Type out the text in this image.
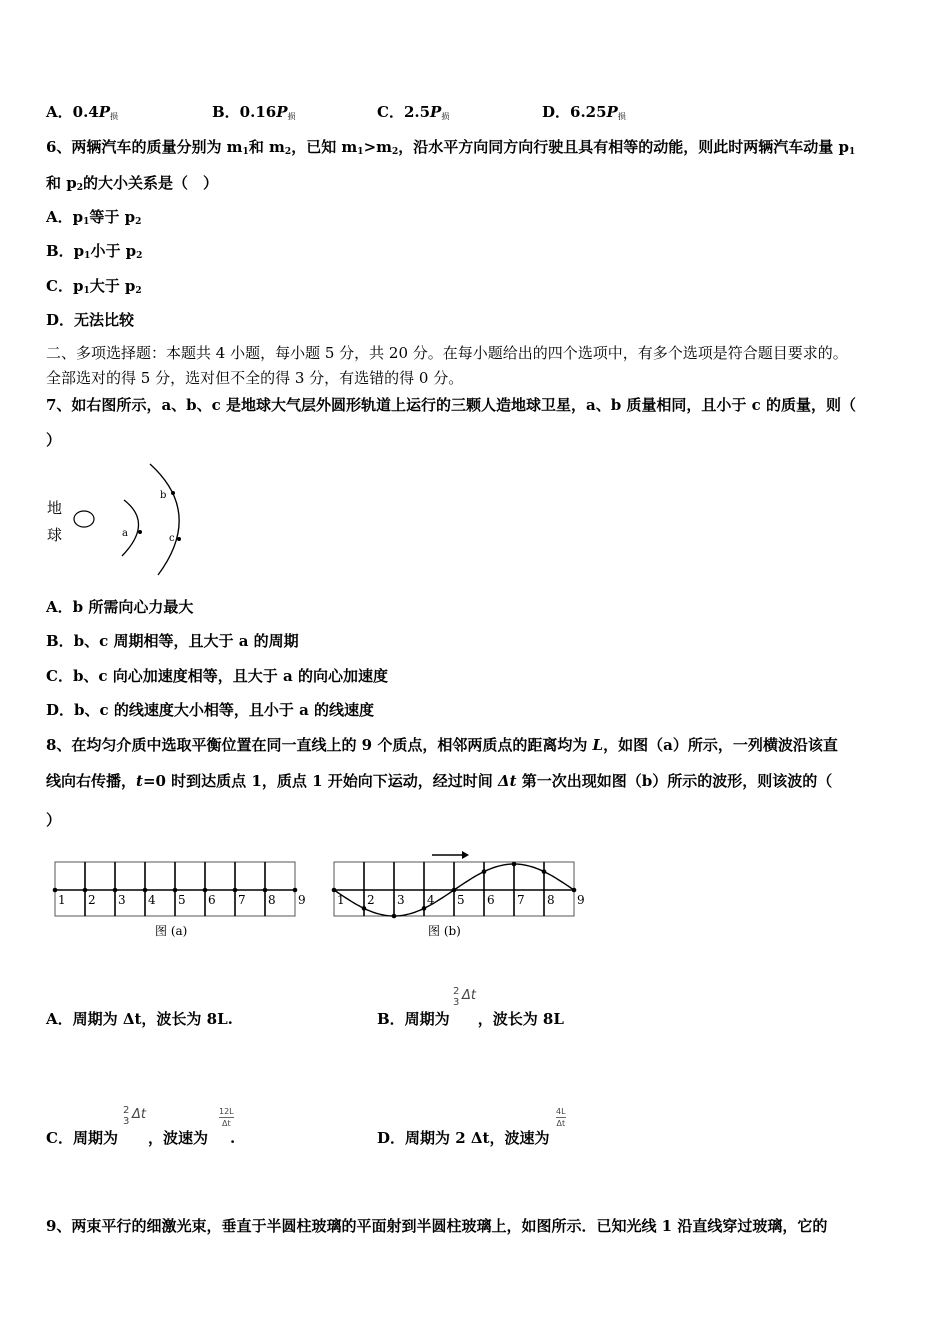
A．0.4P损	B．0.16P损	C．2.5P损	D．6.25P损
6、两辆汽车的质量分别为 $m_1$和 $m_2$，已知 $m_1>m_2$，沿水平方向同方向行驶且具有相等的动能，则此时两辆汽车动量 $p_1$
和 $p_2$的大小关系是（　）
A．$p_1$等于 $p_2$
B．$p_1$小于 $p_2$
C．$p_1$大于 $p_2$
D．无法比较
二、多项选择题：本题共 4 小题，每小题 5 分，共 20 分。在每小题给出的四个选项中，有多个选项是符合题目要求的。
全部选对的得 5 分，选对但不全的得 3 分，有选错的得 0 分。
7、如右图所示，a、b、c 是地球大气层外圆形轨道上运行的三颗人造地球卫星，a、b 质量相同，且小于 c 的质量，则（
）
地
球	a
b
c
A．b 所需向心力最大
B．b、c 周期相等，且大于 a 的周期
C．b、c 向心加速度相等，且大于 a 的向心加速度
D．b、c 的线速度大小相等，且小于 a 的线速度
8、在均匀介质中选取平衡位置在同一直线上的 9 个质点，相邻两质点的距离均为 L，如图（a）所示，一列横波沿该直
线向右传播，t=0 时到达质点 1，质点 1 开始向下运动，经过时间 Δt 第一次出现如图（b）所示的波形，则该波的（
）
1 2 3 4 5 6 7 8 9	1 2 3 4 5 6 7 8 9
图 (a)	图 (b)
A．周期为 Δt，波长为 8L.	B．周期为 ，波长为 8L
2
3 Δt
C．周期为 ，波速为 .
2
3 Δt	$\frac{12L}{\Delta t}$
D．周期为 2 Δt，波速为
$\frac{4L}{\Delta t}$
9、两束平行的细激光束，垂直于半圆柱玻璃的平面射到半圆柱玻璃上，如图所示．已知光线 1 沿直线穿过玻璃，它的
